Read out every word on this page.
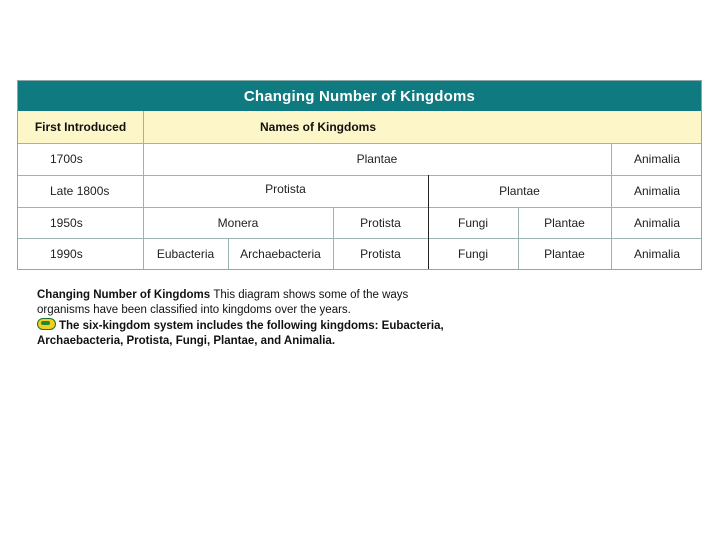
Changing Number of Kingdoms
First Introduced	Names of Kingdoms
1700s	Plantae	Animalia
Late 1800s	Protista	Plantae	Animalia
1950s	Monera	Protista	Fungi	Plantae	Animalia
1990s	Eubacteria	Archaebacteria	Protista	Fungi	Plantae	Animalia
Changing Number of Kingdoms This diagram shows some of the ways organisms have been classified into kingdoms over the years.
The six-kingdom system includes the following kingdoms: Eubacteria, Archaebacteria, Protista, Fungi, Plantae, and Animalia.
